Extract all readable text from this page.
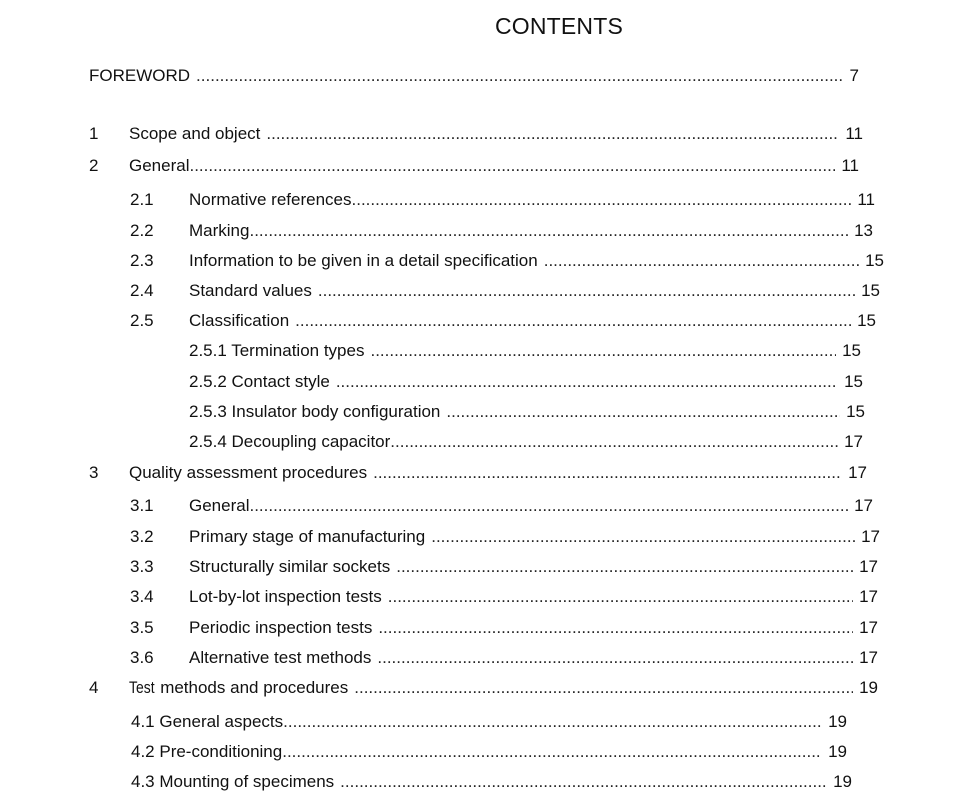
CONTENTS
FOREWORD .....	7
1	Scope and object .....	11
2	General .....	11
2.1	Normative references .....	11
2.2	Marking .....	13
2.3	Information to be given in a detail specification .....	15
2.4	Standard values .....	15
2.5	Classification .....	15
2.5.1 Termination types .....	15
2.5.2 Contact style .....	15
2.5.3 Insulator body configuration .....	15
2.5.4 Decoupling capacitor .....	17
3	Quality assessment procedures .....	17
3.1	General .....	17
3.2	Primary stage of manufacturing .....	17
3.3	Structurally similar sockets .....	17
3.4	Lot-by-lot inspection tests .....	17
3.5	Periodic inspection tests .....	17
3.6	Alternative test methods .....	17
4	Test methods and procedures .....	19
4.1 General aspects .....	19
4.2 Pre-conditioning .....	19
4.3 Mounting of specimens .....	19
